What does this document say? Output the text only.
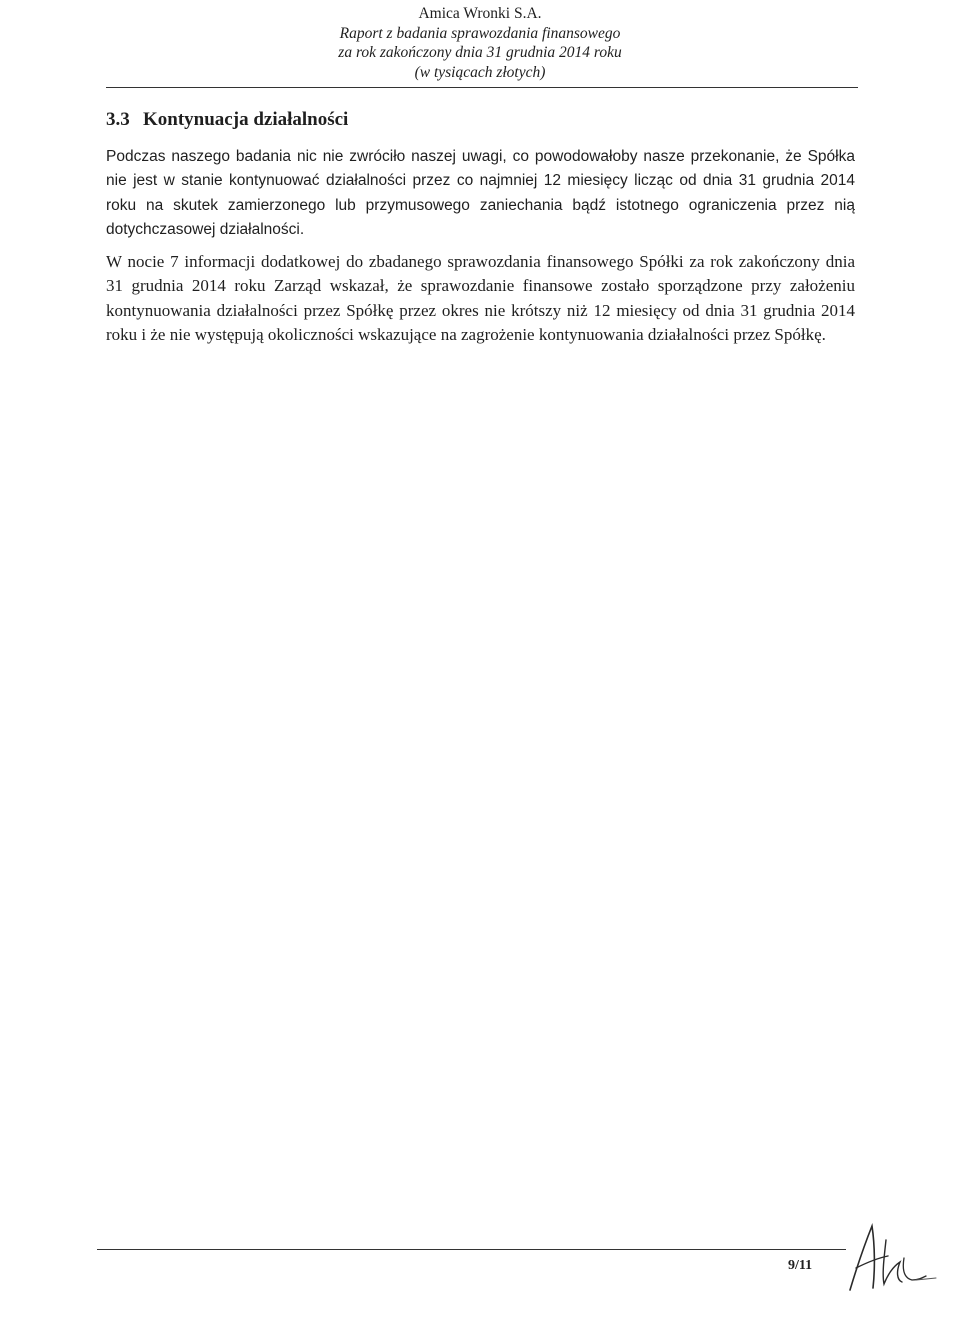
Amica Wronki S.A.
Raport z badania sprawozdania finansowego
za rok zakończony dnia 31 grudnia 2014 roku
(w tysiącach złotych)
3.3 Kontynuacja działalności

Podczas naszego badania nic nie zwróciło naszej uwagi, co powodowałoby nasze przekonanie, że Spółka nie jest w stanie kontynuować działalności przez co najmniej 12 miesięcy licząc od dnia 31 grudnia 2014 roku na skutek zamierzonego lub przymusowego zaniechania bądź istotnego ograniczenia przez nią dotychczasowej działalności.

W nocie 7 informacji dodatkowej do zbadanego sprawozdania finansowego Spółki za rok zakończony dnia 31 grudnia 2014 roku Zarząd wskazał, że sprawozdanie finansowe zostało sporządzone przy założeniu kontynuowania działalności przez Spółkę przez okres nie krótszy niż 12 miesięcy od dnia 31 grudnia 2014 roku i że nie występują okoliczności wskazujące na zagrożenie kontynuowania działalności przez Spółkę.

9/11
